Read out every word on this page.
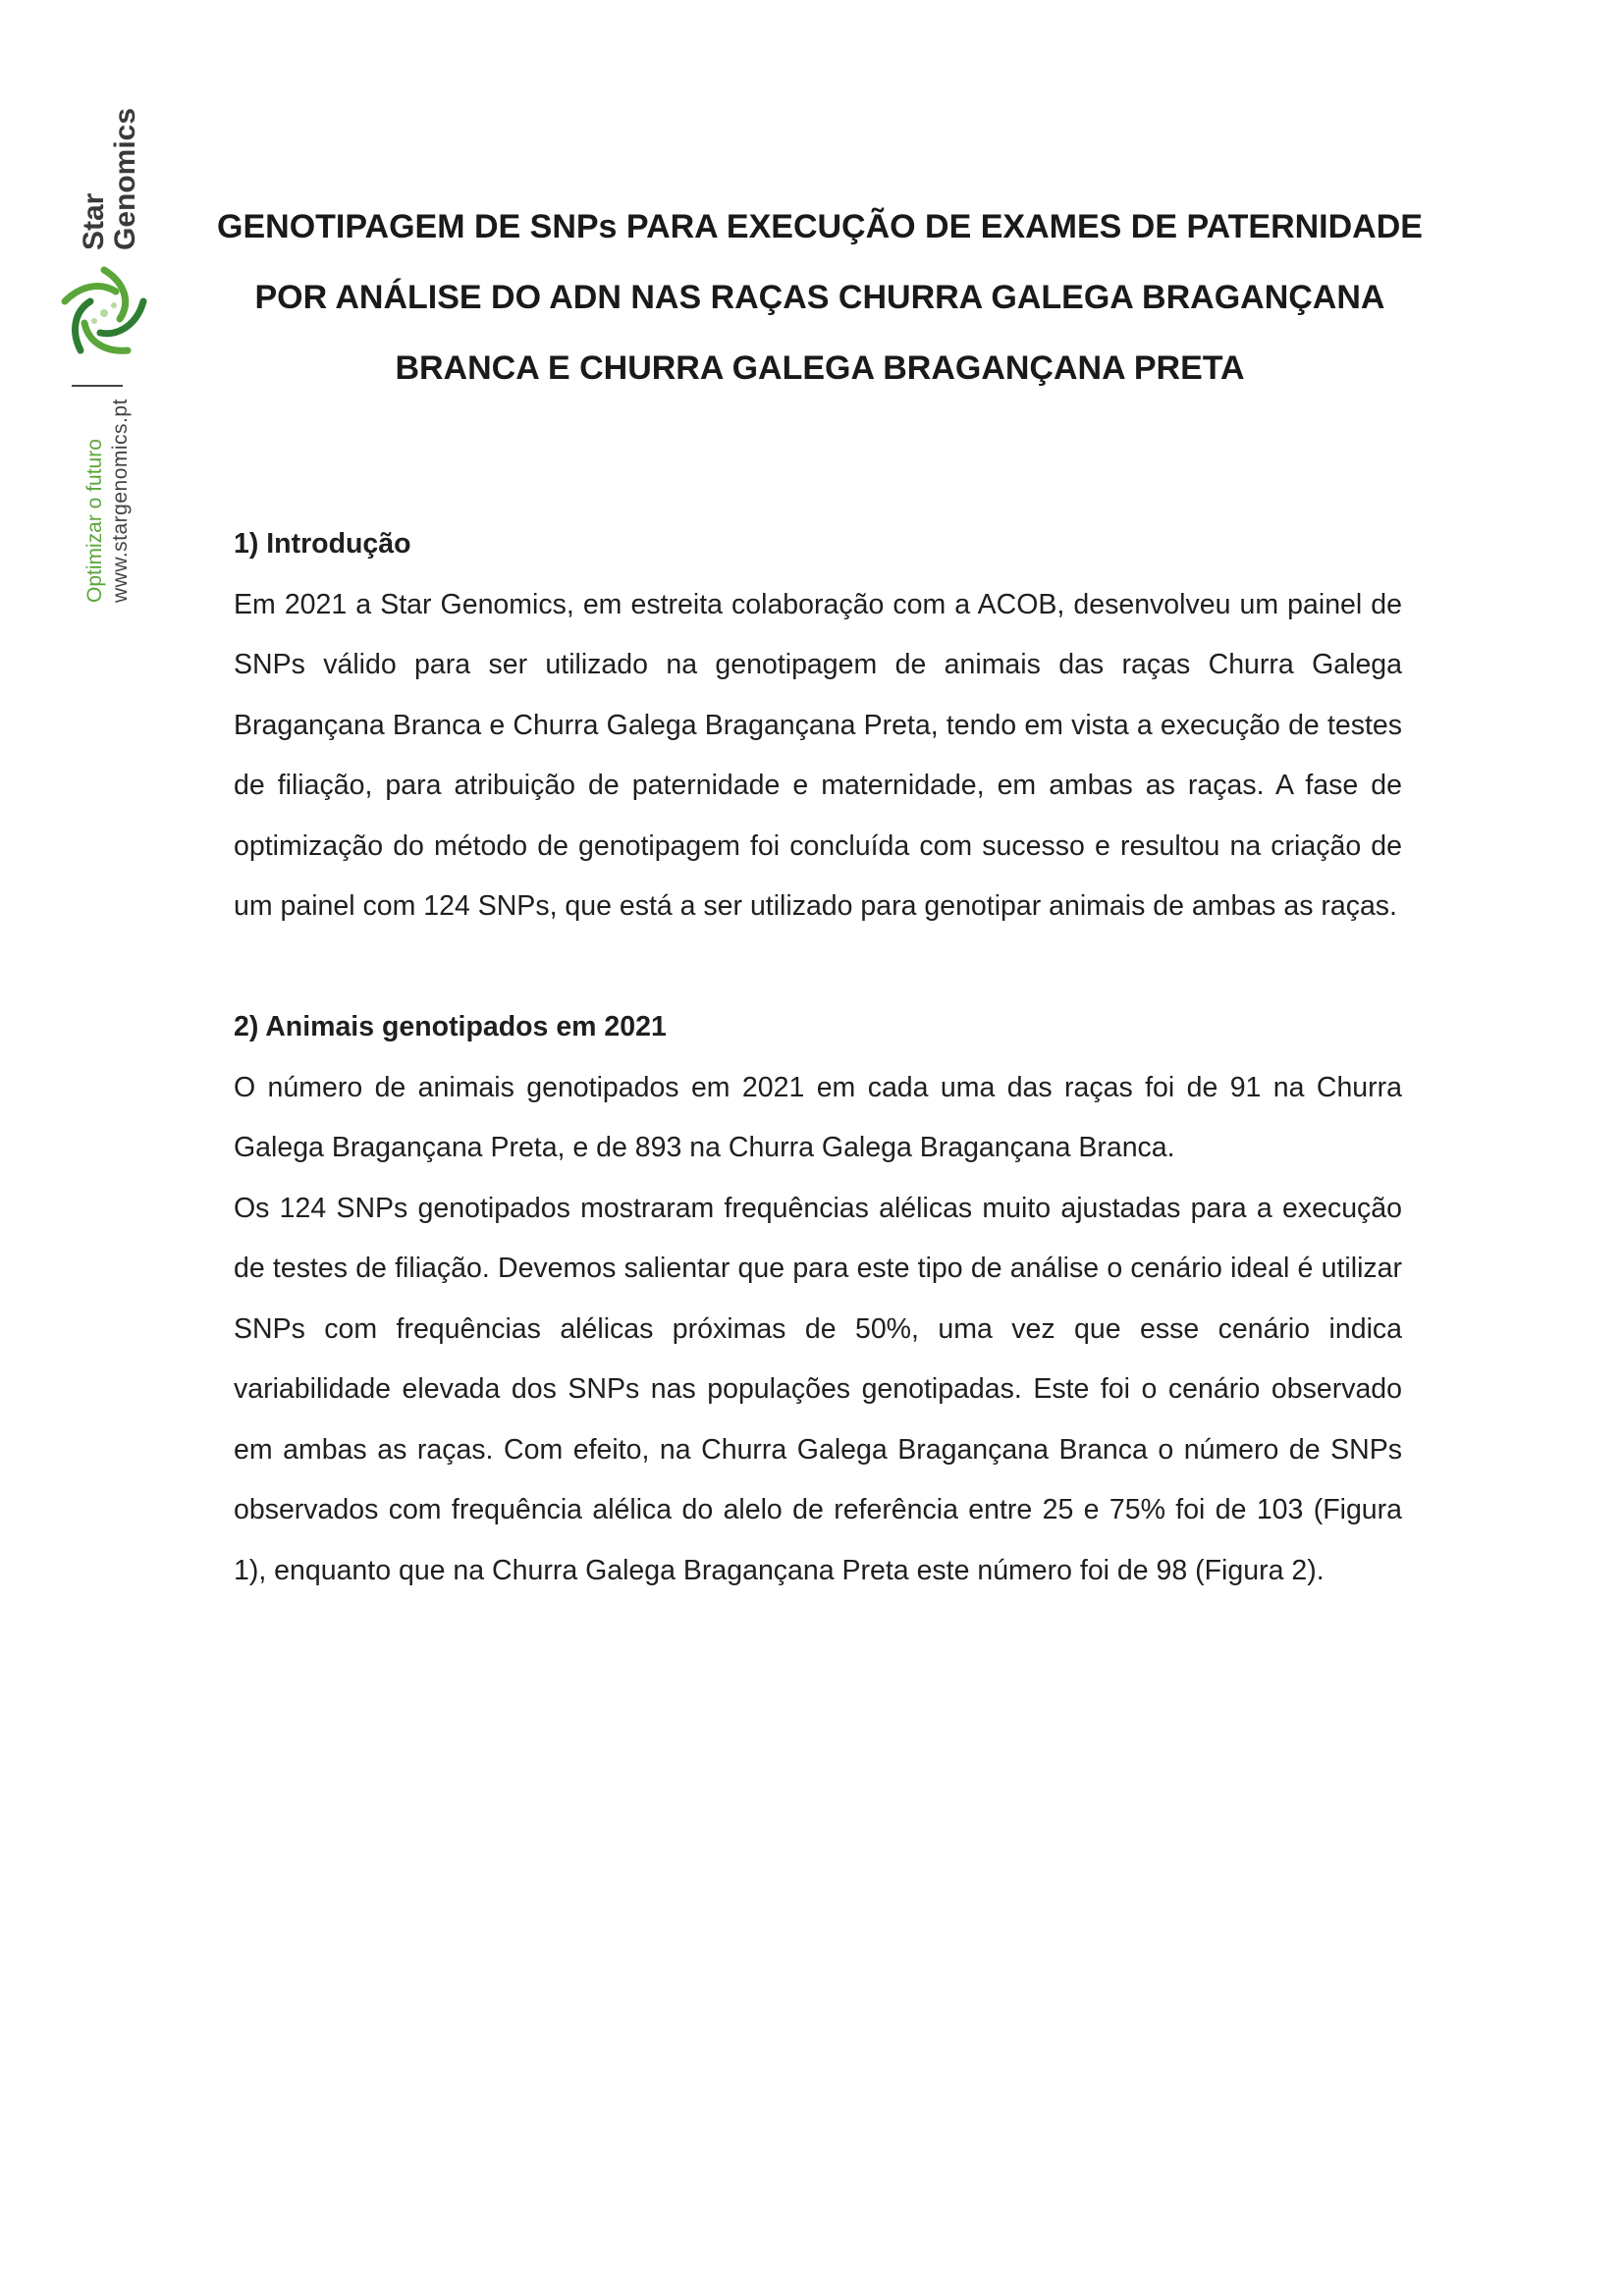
Star Genomics
Optimizar o futuro www.stargenomics.pt
GENOTIPAGEM DE SNPs PARA EXECUÇÃO DE EXAMES DE PATERNIDADE
POR ANÁLISE DO ADN NAS RAÇAS CHURRA GALEGA BRAGANÇANA
BRANCA E CHURRA GALEGA BRAGANÇANA PRETA

1) Introdução

Em 2021 a Star Genomics, em estreita colaboração com a ACOB, desenvolveu um painel de SNPs válido para ser utilizado na genotipagem de animais das raças Churra Galega Bragançana Branca e Churra Galega Bragançana Preta, tendo em vista a execução de testes de filiação, para atribuição de paternidade e maternidade, em ambas as raças. A fase de optimização do método de genotipagem foi concluída com sucesso e resultou na criação de um painel com 124 SNPs, que está a ser utilizado para genotipar animais de ambas as raças.

2) Animais genotipados em 2021

O número de animais genotipados em 2021 em cada uma das raças foi de 91 na Churra Galega Bragançana Preta, e de 893 na Churra Galega Bragançana Branca.

Os 124 SNPs genotipados mostraram frequências alélicas muito ajustadas para a execução de testes de filiação. Devemos salientar que para este tipo de análise o cenário ideal é utilizar SNPs com frequências alélicas próximas de 50%, uma vez que esse cenário indica variabilidade elevada dos SNPs nas populações genotipadas. Este foi o cenário observado em ambas as raças. Com efeito, na Churra Galega Bragançana Branca o número de SNPs observados com frequência alélica do alelo de referência entre 25 e 75% foi de 103 (Figura 1), enquanto que na Churra Galega Bragançana Preta este número foi de 98 (Figura 2).
